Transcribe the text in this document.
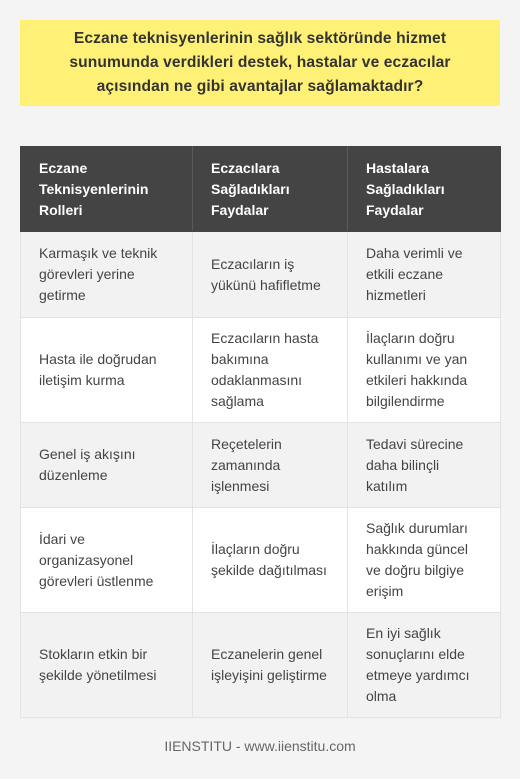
Eczane teknisyenlerinin sağlık sektöründe hizmet sunumunda verdikleri destek, hastalar ve eczacılar açısından ne gibi avantajlar sağlamaktadır?
Eczane Teknisyenlerinin Rolleri	Eczacılara Sağladıkları Faydalar	Hastalara Sağladıkları Faydalar
Karmaşık ve teknik görevleri yerine getirme	Eczacıların iş yükünü hafifletme	Daha verimli ve etkili eczane hizmetleri
Hasta ile doğrudan iletişim kurma	Eczacıların hasta bakımına odaklanmasını sağlama	İlaçların doğru kullanımı ve yan etkileri hakkında bilgilendirme
Genel iş akışını düzenleme	Reçetelerin zamanında işlenmesi	Tedavi sürecine daha bilinçli katılım
İdari ve organizasyonel görevleri üstlenme	İlaçların doğru şekilde dağıtılması	Sağlık durumları hakkında güncel ve doğru bilgiye erişim
Stokların etkin bir şekilde yönetilmesi	Eczanelerin genel işleyişini geliştirme	En iyi sağlık sonuçlarını elde etmeye yardımcı olma
IIENSTITU - www.iienstitu.com
